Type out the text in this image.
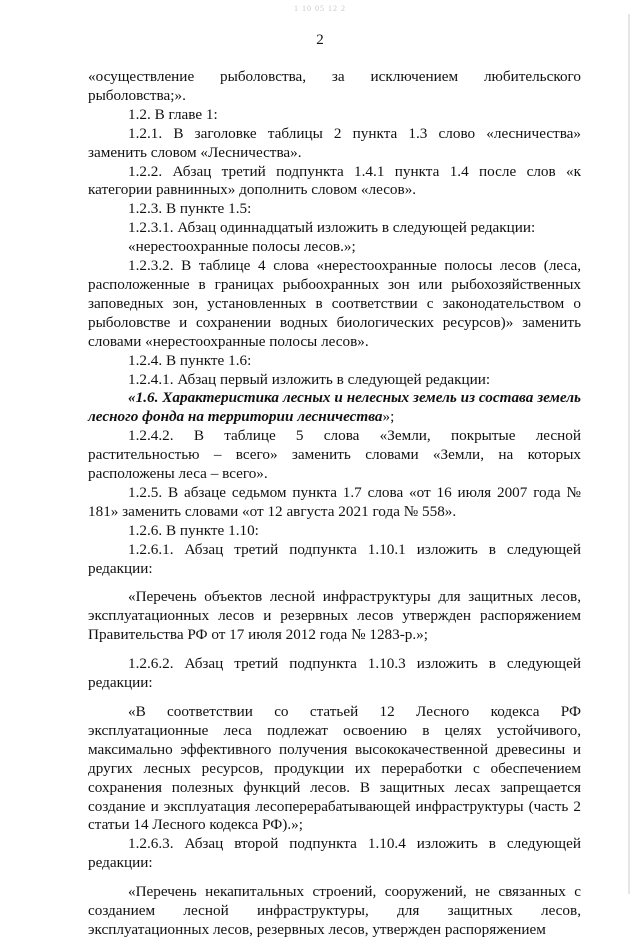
1 10 05 12 2
2

«осуществление рыболовства, за исключением любительского рыболовства;».

1.2. В главе 1:

1.2.1. В заголовке таблицы 2 пункта 1.3 слово «лесничества» заменить словом «Лесничества».

1.2.2. Абзац третий подпункта 1.4.1 пункта 1.4 после слов «к категории равнинных» дополнить словом «лесов».

1.2.3. В пункте 1.5:

1.2.3.1. Абзац одиннадцатый изложить в следующей редакции:

«нерестоохранные полосы лесов.»;

1.2.3.2. В таблице 4 слова «нерестоохранные полосы лесов (леса, расположенные в границах рыбоохранных зон или рыбохозяйственных заповедных зон, установленных в соответствии с законодательством о рыболовстве и сохранении водных биологических ресурсов)» заменить словами «нерестоохранные полосы лесов».

1.2.4. В пункте 1.6:

1.2.4.1. Абзац первый изложить в следующей редакции:

«1.6. Характеристика лесных и нелесных земель из состава земель лесного фонда на территории лесничества»;

1.2.4.2. В таблице 5 слова «Земли, покрытые лесной растительностью – всего» заменить словами «Земли, на которых расположены леса – всего».

1.2.5. В абзаце седьмом пункта 1.7 слова «от 16 июля 2007 года № 181» заменить словами «от 12 августа 2021 года № 558».

1.2.6. В пункте 1.10:

1.2.6.1. Абзац третий подпункта 1.10.1 изложить в следующей редакции:

«Перечень объектов лесной инфраструктуры для защитных лесов, эксплуатационных лесов и резервных лесов утвержден распоряжением Правительства РФ от 17 июля 2012 года № 1283-р.»;

1.2.6.2. Абзац третий подпункта 1.10.3 изложить в следующей редакции:

«В соответствии со статьей 12 Лесного кодекса РФ эксплуатационные леса подлежат освоению в целях устойчивого, максимально эффективного получения высококачественной древесины и других лесных ресурсов, продукции их переработки с обеспечением сохранения полезных функций лесов. В защитных лесах запрещается создание и эксплуатация лесоперерабатывающей инфраструктуры (часть 2 статьи 14 Лесного кодекса РФ).»;

1.2.6.3. Абзац второй подпункта 1.10.4 изложить в следующей редакции:

«Перечень некапитальных строений, сооружений, не связанных с созданием лесной инфраструктуры, для защитных лесов, эксплуатационных лесов, резервных лесов, утвержден распоряжением
